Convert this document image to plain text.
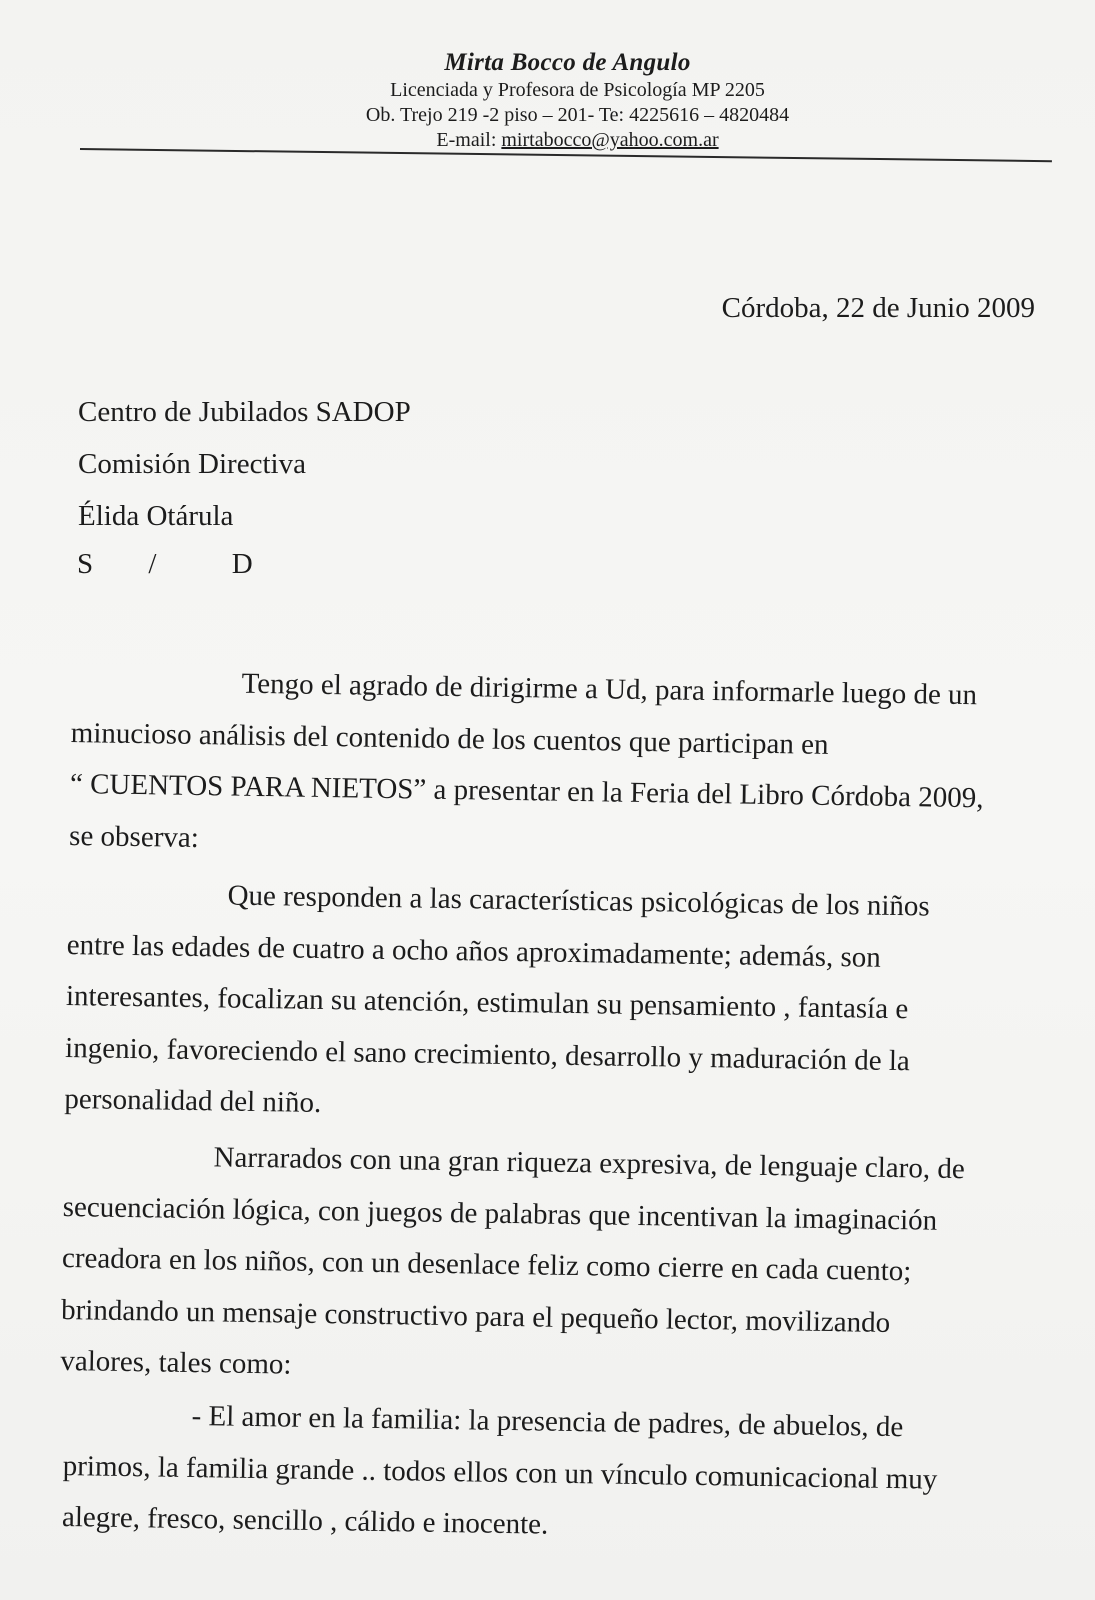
Mirta Bocco de Angulo
Licenciada y Profesora de Psicología MP 2205
Ob. Trejo 219 -2 piso – 201- Te: 4225616 – 4820484
E-mail: mirtabocco@yahoo.com.ar
Córdoba, 22 de Junio 2009
Centro de Jubilados SADOP
Comisión Directiva
Élida Otárula
S /	D
Tengo el agrado de dirigirme a Ud, para informarle luego de un
minucioso análisis del contenido de los cuentos que participan en
“ CUENTOS PARA NIETOS” a presentar en la Feria del Libro Córdoba 2009,
se observa:
Que responden a las características psicológicas de los niños
entre las edades de cuatro a ocho años aproximadamente; además, son
interesantes, focalizan su atención, estimulan su pensamiento , fantasía e
ingenio, favoreciendo el sano crecimiento, desarrollo y maduración de la
personalidad del niño.
Narrarados con una gran riqueza expresiva, de lenguaje claro, de
secuenciación lógica, con juegos de palabras que incentivan la imaginación
creadora en los niños, con un desenlace feliz como cierre en cada cuento;
brindando un mensaje constructivo para el pequeño lector, movilizando
valores, tales como:
- El amor en la familia: la presencia de padres, de abuelos, de
primos, la familia grande .. todos ellos con un vínculo comunicacional muy
alegre, fresco, sencillo , cálido e inocente.
